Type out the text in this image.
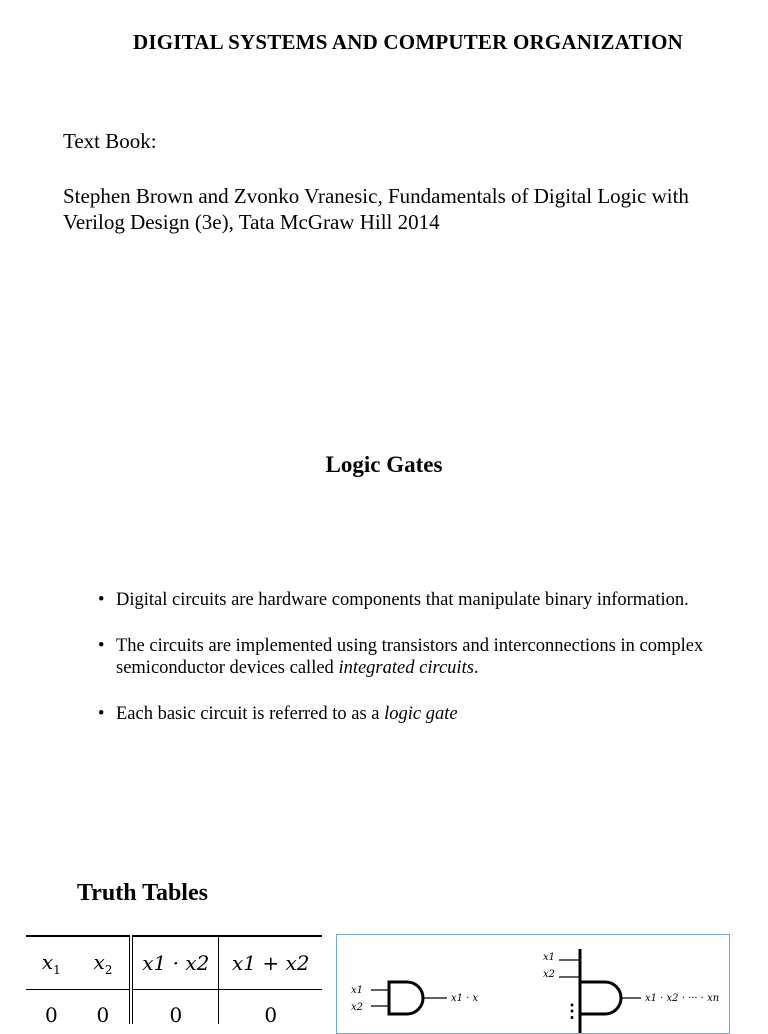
DIGITAL SYSTEMS AND COMPUTER ORGANIZATION
Text Book:
Stephen Brown and Zvonko Vranesic, Fundamentals of Digital Logic with Verilog Design (3e), Tata McGraw Hill 2014
Logic Gates
• Digital circuits are hardware components that manipulate binary information.
• The circuits are implemented using transistors and interconnections in complex semiconductor devices called integrated circuits.
• Each basic circuit is referred to as a logic gate
Truth Tables
$x_1$	$x_2$	x1 · x2	x1 + x2
0	0	0	0
x1
x2
x1 · x
x1
x2
⋮
x1 · x2 · ··· · xn
